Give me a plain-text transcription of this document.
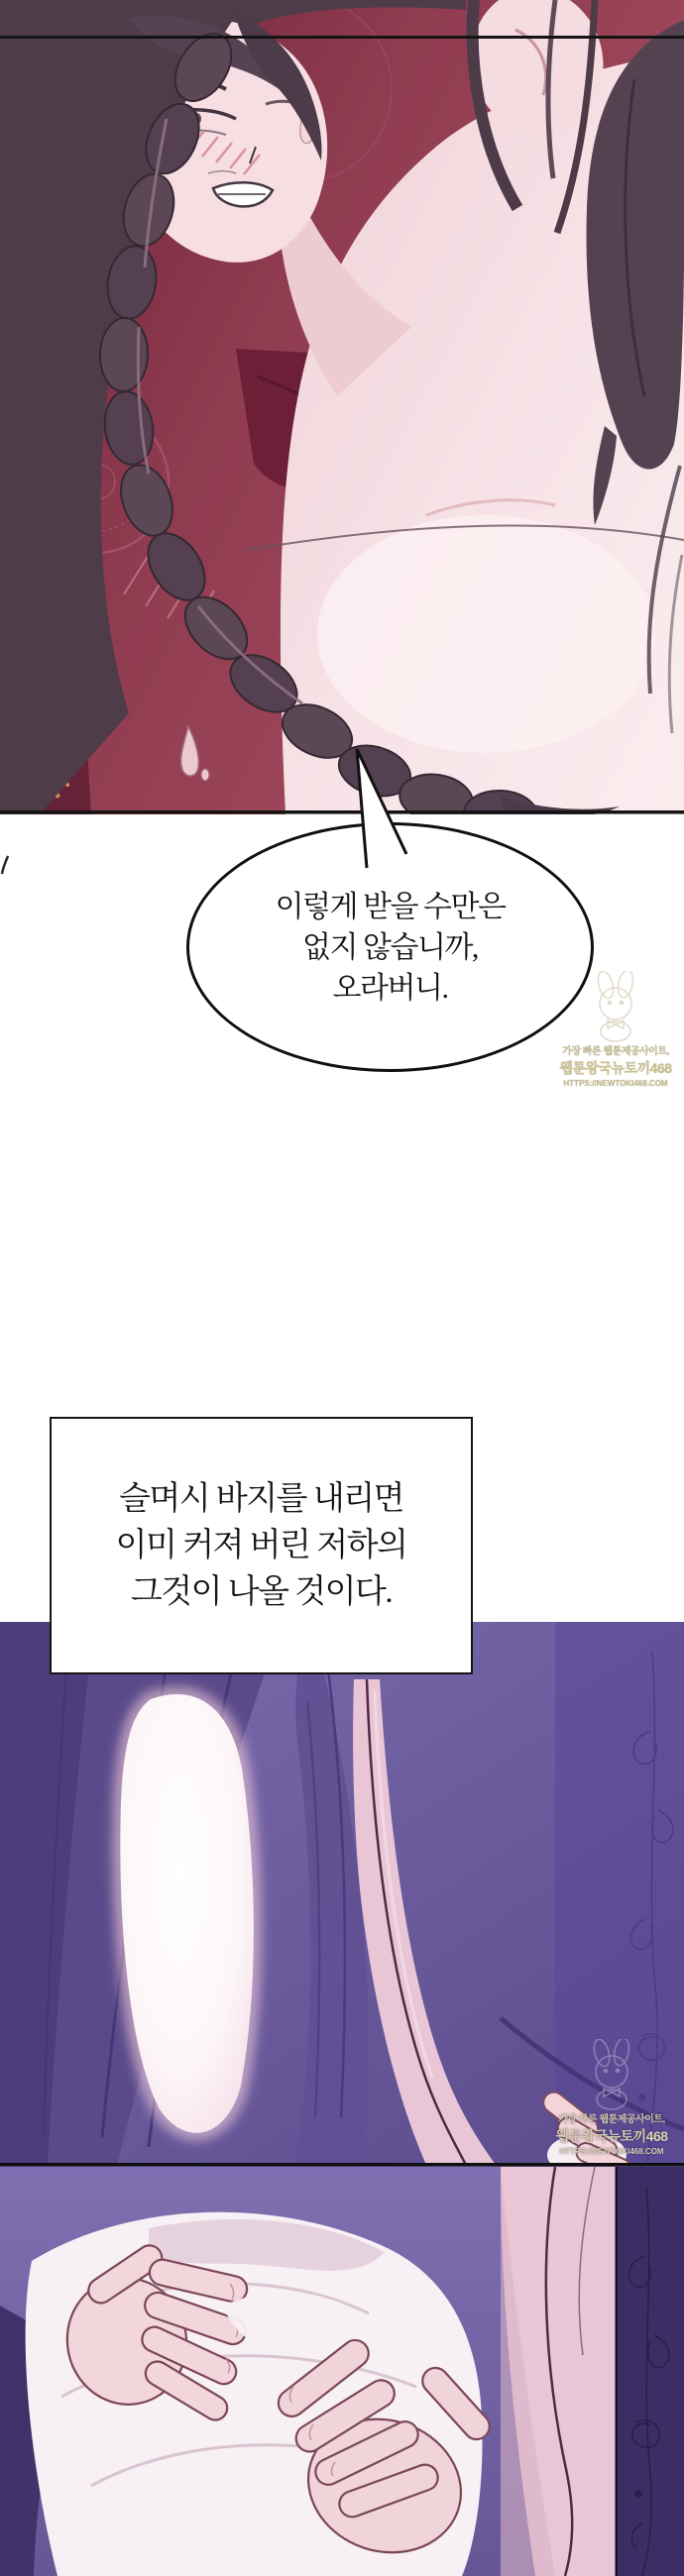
이렇게 받을 수만은
없지 않습니까,
오라버니.
가장 빠른 웹툰제공사이트,
웹툰왕국뉴토끼468
HTTPS://NEWTOKI468.COM
슬며시 바지를 내리면
이미 커져 버린 저하의
그것이 나올 것이다.
가장 빠른 웹툰제공사이트,
웹툰왕국뉴토끼468
HTTPS://NEWTOKI468.COM
